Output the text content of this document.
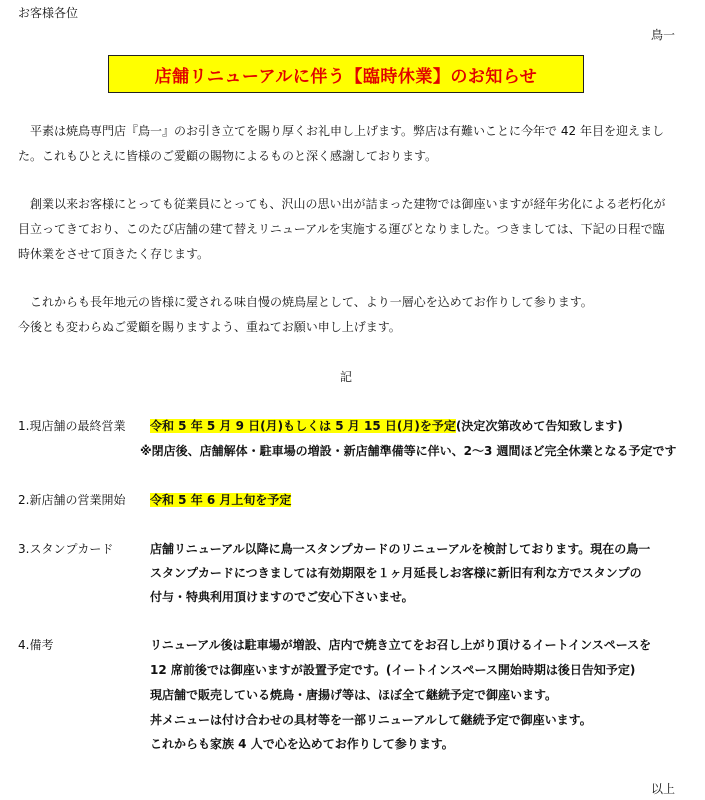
お客様各位
鳥一
店舗リニューアルに伴う【臨時休業】のお知らせ
　平素は焼鳥専門店『鳥一』のお引き立てを賜り厚くお礼申し上げます。弊店は有難いことに今年で 42 年目を迎えまし
た。これもひとえに皆様のご愛顧の賜物によるものと深く感謝しております。
　創業以来お客様にとっても従業員にとっても、沢山の思い出が詰まった建物では御座いますが経年劣化による老朽化が
目立ってきており、このたび店舗の建て替えリニューアルを実施する運びとなりました。つきましては、下記の日程で臨
時休業をさせて頂きたく存じます。
　これからも長年地元の皆様に愛される味自慢の焼鳥屋として、より一層心を込めてお作りして参ります。
今後とも変わらぬご愛顧を賜りますよう、重ねてお願い申し上げます。
記
1.現店舗の最終営業 令和 5 年 5 月 9 日(月)もしくは 5 月 15 日(月)を予定(決定次第改めて告知致します)
※閉店後、店舗解体・駐車場の増設・新店舗準備等に伴い、2～3 週間ほど完全休業となる予定です
2.新店舗の営業開始 令和 5 年 6 月上旬を予定
3.スタンプカード	店舗リニューアル以降に鳥一スタンプカードのリニューアルを検討しております。現在の鳥一
スタンプカードにつきましては有効期限を１ヶ月延長しお客様に新旧有利な方でスタンプの
付与・特典利用頂けますのでご安心下さいませ。
4.備考	リニューアル後は駐車場が増設、店内で焼き立てをお召し上がり頂けるイートインスペースを
12 席前後では御座いますが設置予定です。(イートインスペース開始時期は後日告知予定)
現店舗で販売している焼鳥・唐揚げ等は、ほぼ全て継続予定で御座います。
丼メニューは付け合わせの具材等を一部リニューアルして継続予定で御座います。
これからも家族 4 人で心を込めてお作りして参ります。
以上
